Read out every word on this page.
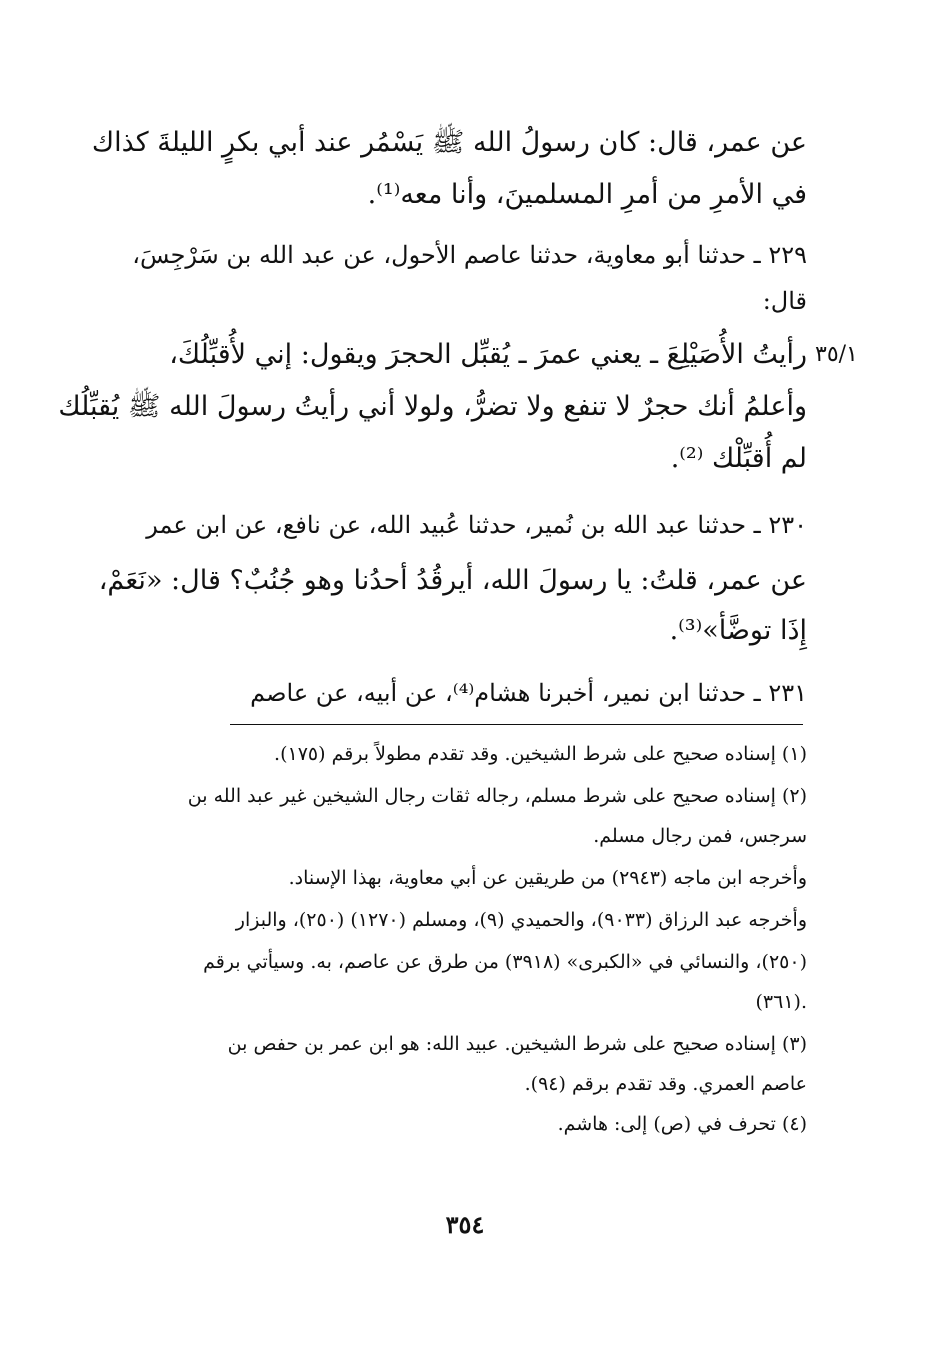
عن عمر، قال: كان رسولُ الله ﷺ يَسْمُر عند أبي بكرٍ الليلةَ كذاك
في الأمرِ من أمرِ المسلمينَ، وأنا معه⁽¹⁾.
٢٢٩ ـ حدثنا أبو معاوية، حدثنا عاصم الأحول، عن عبد الله بن سَرْجِسَ،
قال:
٣٥/١
رأيتُ الأُصَيْلِعَ ـ يعني عمرَ ـ يُقبِّل الحجرَ ويقول: إني لأُقبِّلُكَ،
وأعلمُ أنك حجرٌ لا تنفع ولا تضرُّ، ولولا أني رأيتُ رسولَ الله ﷺ يُقبِّلُك
لم أُقبِّلْك ⁽²⁾.
٢٣٠ ـ حدثنا عبد الله بن نُمير، حدثنا عُبيد الله، عن نافع، عن ابن عمر
عن عمر، قلتُ: يا رسولَ الله، أيرقُدُ أحدُنا وهو جُنُبٌ؟ قال: «نَعَمْ،
إِذَا توضَّأ»⁽³⁾.
٢٣١ ـ حدثنا ابن نمير، أخبرنا هشام⁽⁴⁾، عن أبيه، عن عاصم
(١) إسناده صحيح على شرط الشيخين. وقد تقدم مطولاً برقم (١٧٥).
(٢) إسناده صحيح على شرط مسلم، رجاله ثقات رجال الشيخين غير عبد الله بن
سرجس، فمن رجال مسلم.
وأخرجه ابن ماجه (٢٩٤٣) من طريقين عن أبي معاوية، بهذا الإسناد.
وأخرجه عبد الرزاق (٩٠٣٣)، والحميدي (٩)، ومسلم (١٢٧٠) (٢٥٠)، والبزار
(٢٥٠)، والنسائي في «الكبرى» (٣٩١٨) من طرق عن عاصم، به. وسيأتي برقم
(٣٦١).
(٣) إسناده صحيح على شرط الشيخين. عبيد الله: هو ابن عمر بن حفص بن
عاصم العمري. وقد تقدم برقم (٩٤).
(٤) تحرف في (ص) إلى: هاشم.
٣٥٤
